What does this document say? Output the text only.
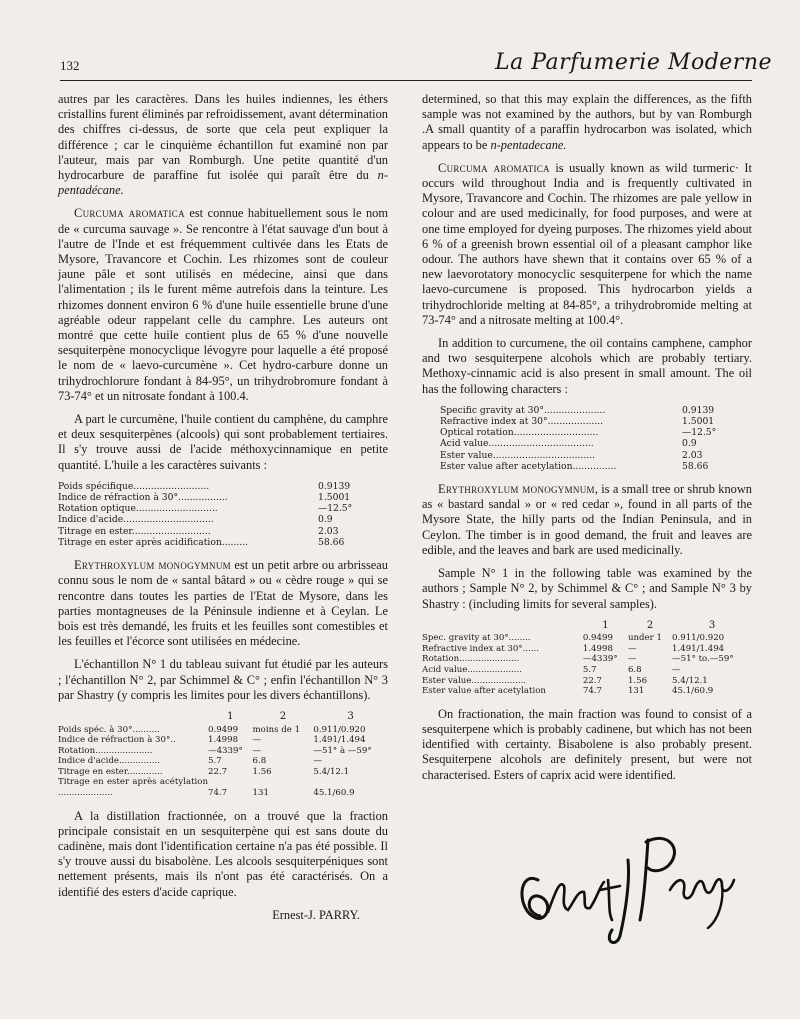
132	La Parfumerie Moderne

autres par les caractères. Dans les huiles indiennes, les éthers cristallins furent éliminés par refroidissement, avant détermination des chiffres ci-dessus, de sorte que cela peut expliquer la différence ; car le cinquième échantillon fut examiné non par l'auteur, mais par van Romburgh. Une petite quantité d'un hydrocarbure de paraffine fut isolée qui paraît être du n-pentadécane.

Curcuma aromatica est connue habituellement sous le nom de « curcuma sauvage ». Se rencontre à l'état sauvage d'un bout à l'autre de l'Inde et est fréquemment cultivée dans les Etats de Mysore, Travancore et Cochin. Les rhizomes sont de couleur jaune pâle et sont utilisés en médecine, ainsi que dans l'alimentation ; ils le furent même autrefois dans la teinture. Les rhizomes donnent environ 6 % d'une huile essentielle brune d'une agréable odeur rappelant celle du camphre. Les auteurs ont montré que cette huile contient plus de 65 % d'une nouvelle sesquiterpène monocyclique lévogyre pour laquelle a été proposé le nom de « laevo-curcumène ». Cet hydro-carbure donne un trihydrochlorure fondant à 84-95°, un trihydrobromure fondant à 73-74° et un nitrosate fondant à 100.4.

A part le curcumène, l'huile contient du camphène, du camphre et deux sesquiterpènes (alcools) qui sont probablement tertiaires. Il s'y trouve aussi de l'acide méthoxycinnamique en petite quantité. L'huile a les caractères suivants :

Poids spécifique..........................	0.9139
Indice de réfraction à 30°.................	1.5001
Rotation optique............................	—12.5°
Indice d'acide...............................	0.9
Titrage en ester...........................	2.03
Titrage en ester après acidification.........	58.66

Erythroxylum monogymnum est un petit arbre ou arbrisseau connu sous le nom de « santal bâtard » ou « cèdre rouge » qui se rencontre dans toutes les parties de l'Etat de Mysore, dans les parties montagneuses de la Péninsule indienne et à Ceylan. Le bois est très demandé, les fruits et les feuilles sont comestibles et les feuilles et l'écorce sont utilisées en médecine.

L'échantillon N° 1 du tableau suivant fut étudié par les auteurs ; l'échantillon N° 2, par Schimmel & C° ; enfin l'échantillon N° 3 par Shastry (y compris les limites pour les divers échantillons).

	1	2	3
Poids spéc. à 30°..........	0.9499	moins de 1	0.911/0.920
Indice de réfraction à 30°..	1.4998	—	1.491/1.494
Rotation.....................	—4339°	—	—51° à —59°
Indice d'acide...............	5.7	6.8	—
Titrage en ester.............	22.7	1.56	5.4/12.1
Titrage en ester après acétylation ....................	74.7	131	45.1/60.9

A la distillation fractionnée, on a trouvé que la fraction principale consistait en un sesquiterpène qui est sans doute du cadinène, mais dont l'identification certaine n'a pas été possible. Il s'y trouve aussi du bisabolène. Les alcools sesquiterpéniques sont nettement présents, mais ils n'ont pas été caractérisés. On a identifié des esters d'acide caprique.

Ernest-J. PARRY.

determined, so that this may explain the differences, as the fifth sample was not examined by the authors, but by van Romburgh .A small quantity of a paraffin hydrocarbon was isolated, which appears to be n-pentadecane.

Curcuma aromatica is usually known as wild turmeric· It occurs wild throughout India and is frequently cultivated in Mysore, Travancore and Cochin. The rhizomes are pale yellow in colour and are used medicinally, for food purposes, and were at one time employed for dyeing purposes. The rhizomes yield about 6 % of a greenish brown essential oil of a pleasant camphor like odour. The authors have shewn that it contains over 65 % of a new laevorotatory monocyclic sesquiterpene for which the name laevo-curcumene is proposed. This hydrocarbon yields a trihydrochloride melting at 84-85°, a trihydrobromide melting at 73-74° and a nitrosate melting at 100.4°.

In addition to curcumene, the oil contains camphene, camphor and two sesquiterpene alcohols which are probably tertiary. Methoxy-cinnamic acid is also present in small amount. The oil has the following characters :

Specific gravity at 30°.....................	0.9139
Refractive index at 30°...................	1.5001
Optical rotation.............................	—12.5°
Acid value....................................	0.9
Ester value...................................	2.03
Ester value after acetylation...............	58.66

Erythroxylum monogymnum, is a small tree or shrub known as « bastard sandal » or « red cedar », found in all parts of the Mysore State, the hilly parts od the Indian Peninsula, and in Ceylon. The timber is in good demand, the fruit and leaves are edible, and the leaves and bark are used medicinally.

Sample N° 1 in the following table was examined by the authors ; Sample N° 2, by Schimmel & C° ; and Sample N° 3 by Shastry : (including limits for several samples).

	1	2	3
Spec. gravity at 30°........	0.9499	under 1	0.911/0.920
Refractive index at 30°......	1.4998	—	1.491/1.494
Rotation......................	—4339°	—	—51° to.—59°
Acid value....................	5.7	6.8	—
Ester value....................	22.7	1.56	5.4/12.1
Ester value after acetylation	74.7	131	45.1/60.9

On fractionation, the main fraction was found to consist of a sesquiterpene which is probably cadinene, but which has not been identified with certainty. Bisabolene is also probably present. Sesquiterpene alcohols are definitely present, but were not characterised. Esters of caprix acid were identified.
